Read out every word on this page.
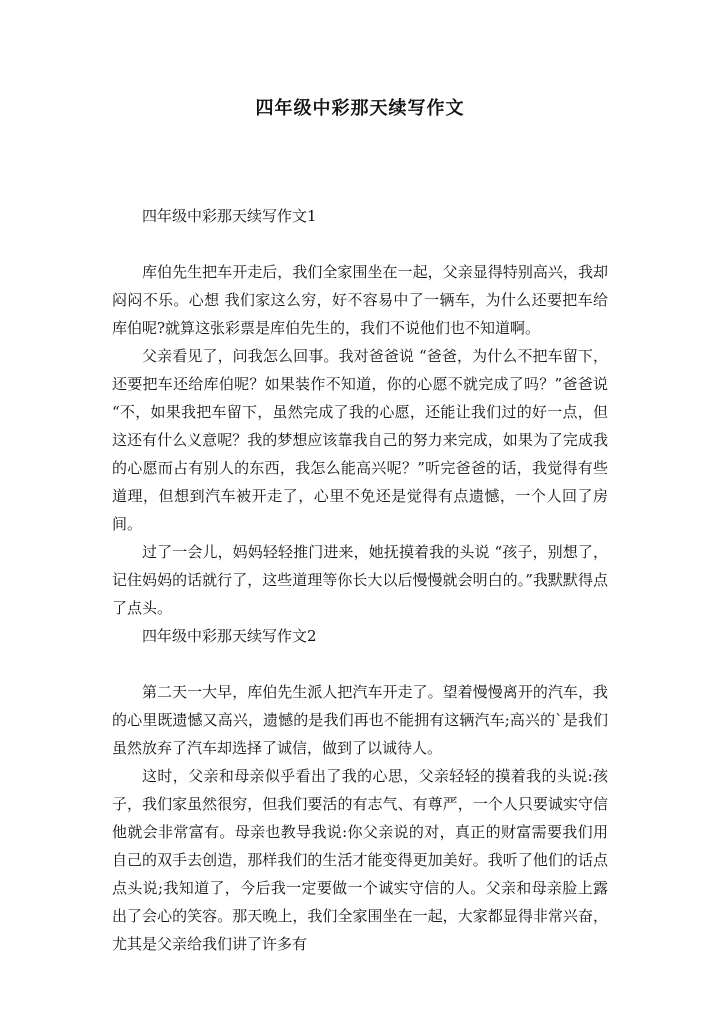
四年级中彩那天续写作文

四年级中彩那天续写作文1

库伯先生把车开走后，我们全家围坐在一起，父亲显得特别高兴，我却闷闷不乐。心想 我们家这么穷，好不容易中了一辆车，为什么还要把车给库伯呢?就算这张彩票是库伯先生的，我们不说他们也不知道啊。

父亲看见了，问我怎么回事。我对爸爸说 “爸爸，为什么不把车留下，还要把车还给库伯呢？如果装作不知道，你的心愿不就完成了吗？”爸爸说 “不，如果我把车留下，虽然完成了我的心愿，还能让我们过的好一点，但这还有什么义意呢？我的梦想应该靠我自己的努力来完成，如果为了完成我的心愿而占有别人的东西，我怎么能高兴呢？”听完爸爸的话，我觉得有些道理，但想到汽车被开走了，心里不免还是觉得有点遗憾，一个人回了房间。

过了一会儿，妈妈轻轻推门进来，她抚摸着我的头说 “孩子，别想了，记住妈妈的话就行了，这些道理等你长大以后慢慢就会明白的。”我默默得点了点头。

四年级中彩那天续写作文2

第二天一大早，库伯先生派人把汽车开走了。望着慢慢离开的汽车，我的心里既遗憾又高兴，遗憾的是我们再也不能拥有这辆汽车;高兴的`是我们虽然放弃了汽车却选择了诚信，做到了以诚待人。

这时，父亲和母亲似乎看出了我的心思，父亲轻轻的摸着我的头说:孩子，我们家虽然很穷，但我们要活的有志气、有尊严，一个人只要诚实守信他就会非常富有。母亲也教导我说:你父亲说的对，真正的财富需要我们用自己的双手去创造，那样我们的生活才能变得更加美好。我听了他们的话点点头说;我知道了，今后我一定要做一个诚实守信的人。父亲和母亲脸上露出了会心的笑容。那天晚上，我们全家围坐在一起，大家都显得非常兴奋，尤其是父亲给我们讲了许多有
